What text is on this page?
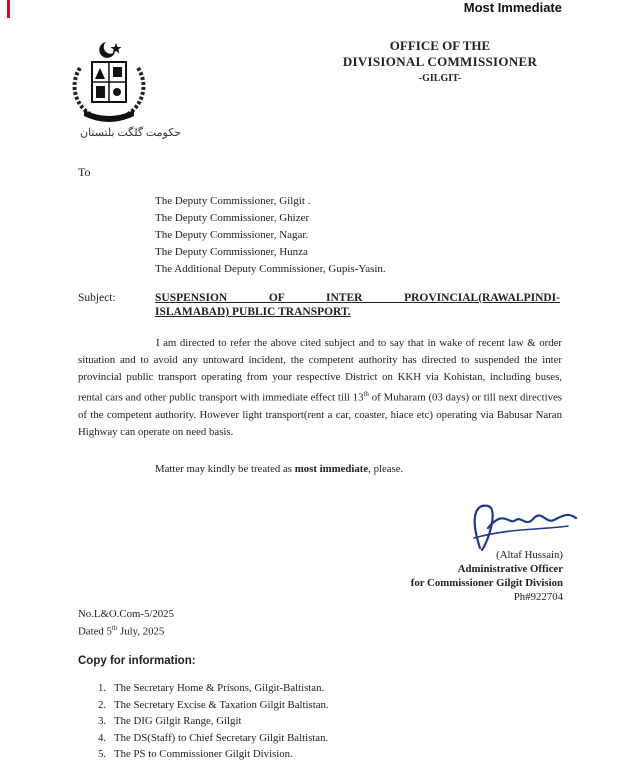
Most Immediate
حکومت گلگت بلتستان
OFFICE OF THE
DIVISIONAL COMMISSIONER
-GILGIT-
To
The Deputy Commissioner, Gilgit .
The Deputy Commissioner, Ghizer
The Deputy Commissioner, Nagar.
The Deputy Commissioner, Hunza
The Additional Deputy Commissioner, Gupis-Yasin.
Subject:	SUSPENSION OF INTER PROVINCIAL(RAWALPINDI-
ISLAMABAD) PUBLIC TRANSPORT.
I am directed to refer the above cited subject and to say that in wake of recent law & order situation and to avoid any untoward incident, the competent authority has directed to suspended the inter provincial public transport operating from your respective District on KKH via Kohistan, including buses, rental cars and other public transport with immediate effect till 13th of Muharam (03 days) or till next directives of the competent authority. However light transport(rent a car, coaster, hiace etc) operating via Babusar Naran Highway can operate on need basis.
Matter may kindly be treated as most immediate, please.
(Altaf Hussain)
Administrative Officer
for Commissioner Gilgit Division
Ph#922704
No.L&O.Com-5/2025
Dated 5th July, 2025
Copy for information:
1. The Secretary Home & Prisons, Gilgit-Baltistan.
2. The Secretary Excise & Taxation Gilgit Baltistan.
3. The DIG Gilgit Range, Gilgit
4. The DS(Staff) to Chief Secretary Gilgit Baltistan.
5. The PS to Commissioner Gilgit Division.
